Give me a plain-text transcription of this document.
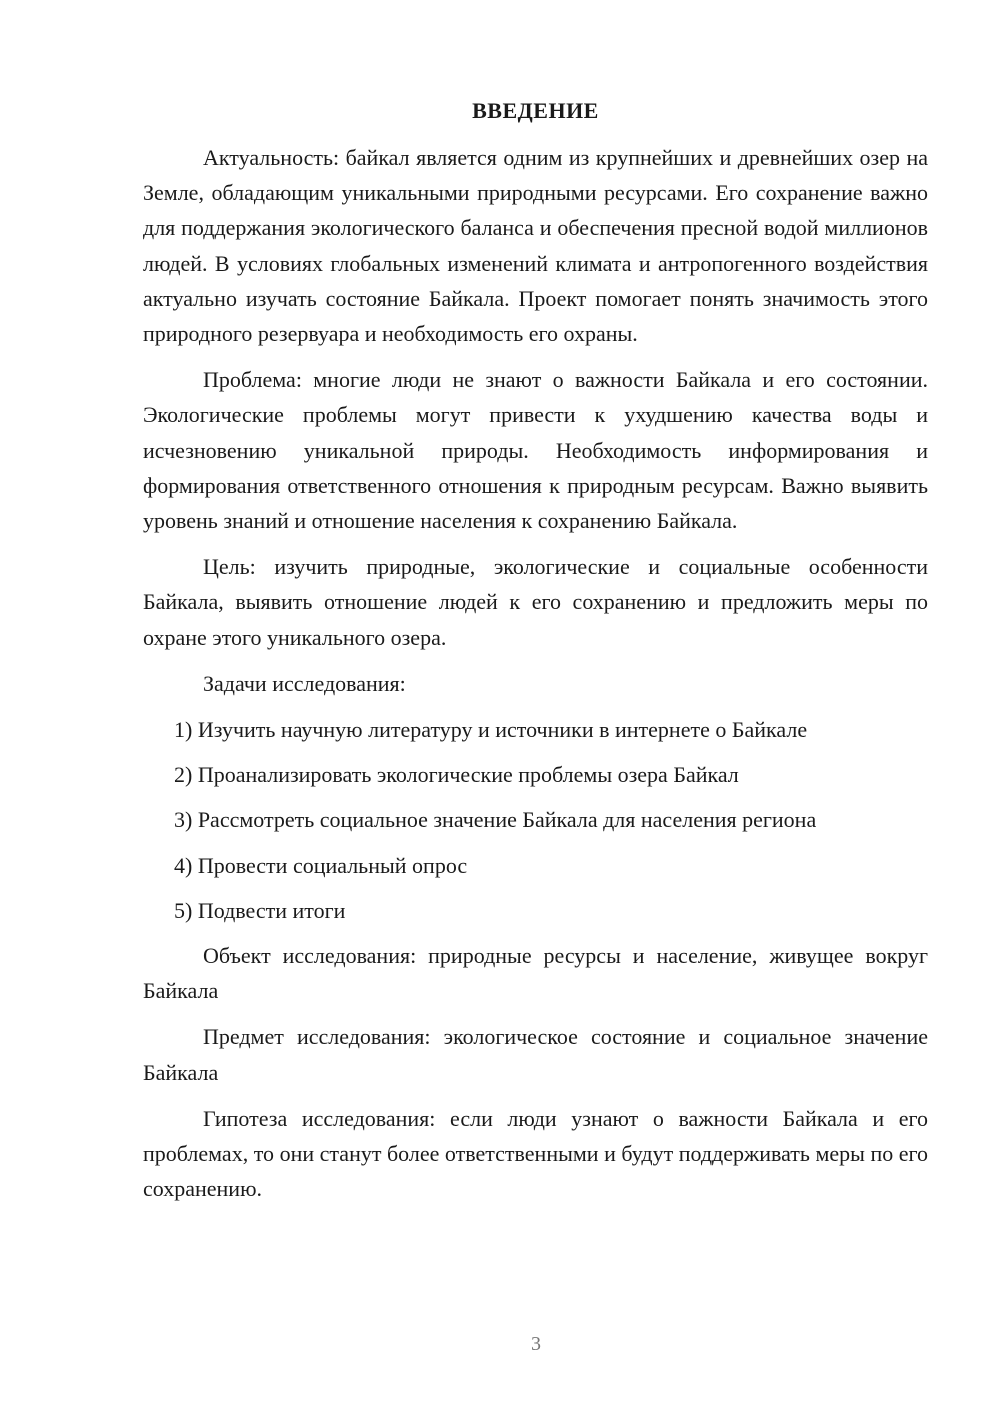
ВВЕДЕНИЕ

Актуальность: байкал является одним из крупнейших и древнейших озер на Земле, обладающим уникальными природными ресурсами. Его сохранение важно для поддержания экологического баланса и обеспечения пресной водой миллионов людей. В условиях глобальных изменений климата и антропогенного воздействия актуально изучать состояние Байкала. Проект помогает понять значимость этого природного резервуара и необходимость его охраны.

Проблема: многие люди не знают о важности Байкала и его состоянии. Экологические проблемы могут привести к ухудшению качества воды и исчезновению уникальной природы. Необходимость информирования и формирования ответственного отношения к природным ресурсам. Важно выявить уровень знаний и отношение населения к сохранению Байкала.

Цель: изучить природные, экологические и социальные особенности Байкала, выявить отношение людей к его сохранению и предложить меры по охране этого уникального озера.

Задачи исследования:

1) Изучить научную литературу и источники в интернете о Байкале
2) Проанализировать экологические проблемы озера Байкал
3) Рассмотреть социальное значение Байкала для населения региона
4) Провести социальный опрос
5) Подвести итоги

Объект исследования: природные ресурсы и население, живущее вокруг Байкала

Предмет исследования: экологическое состояние и социальное значение Байкала

Гипотеза исследования: если люди узнают о важности Байкала и его проблемах, то они станут более ответственными и будут поддерживать меры по его сохранению.

3
